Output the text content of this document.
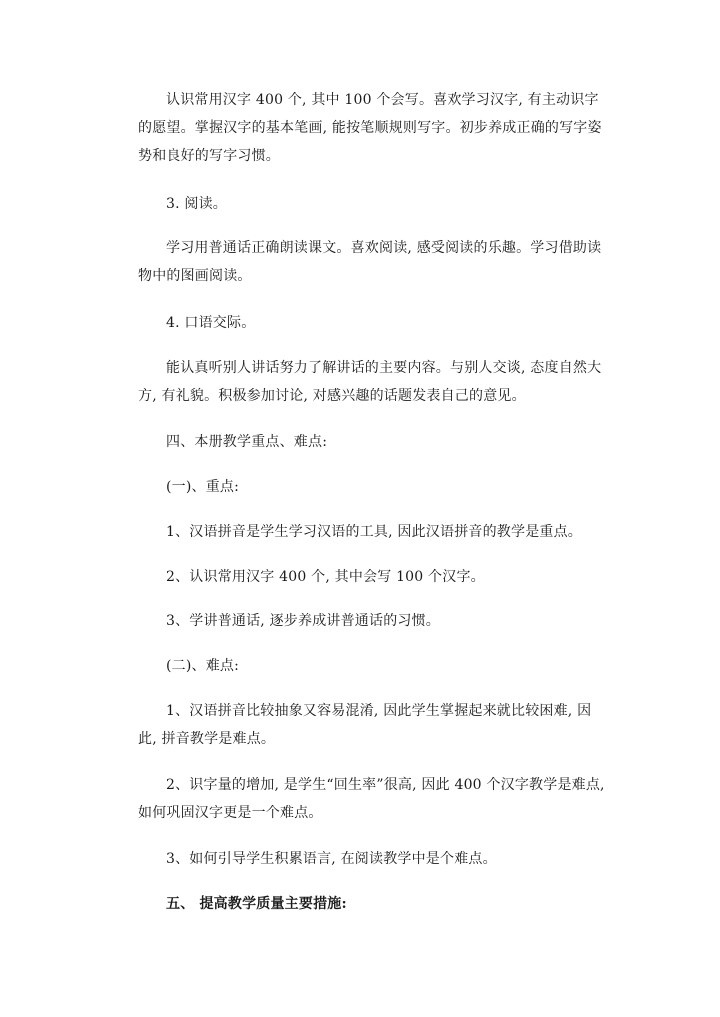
认识常用汉字 400 个, 其中 100 个会写。喜欢学习汉字, 有主动识字的愿望。掌握汉字的基本笔画, 能按笔顺规则写字。初步养成正确的写字姿势和良好的写字习惯。

3. 阅读。

学习用普通话正确朗读课文。喜欢阅读, 感受阅读的乐趣。学习借助读物中的图画阅读。

4. 口语交际。

能认真听别人讲话努力了解讲话的主要内容。与别人交谈, 态度自然大方, 有礼貌。积极参加讨论, 对感兴趣的话题发表自己的意见。

四、本册教学重点、难点:

(一)、重点:

1、汉语拼音是学生学习汉语的工具, 因此汉语拼音的教学是重点。

2、认识常用汉字 400 个, 其中会写 100 个汉字。

3、学讲普通话, 逐步养成讲普通话的习惯。

(二)、难点:

1、汉语拼音比较抽象又容易混淆, 因此学生掌握起来就比较困难, 因此, 拼音教学是难点。

2、识字量的增加, 是学生“回生率”很高, 因此 400 个汉字教学是难点, 如何巩固汉字更是一个难点。

3、如何引导学生积累语言, 在阅读教学中是个难点。

五、 提高教学质量主要措施:
